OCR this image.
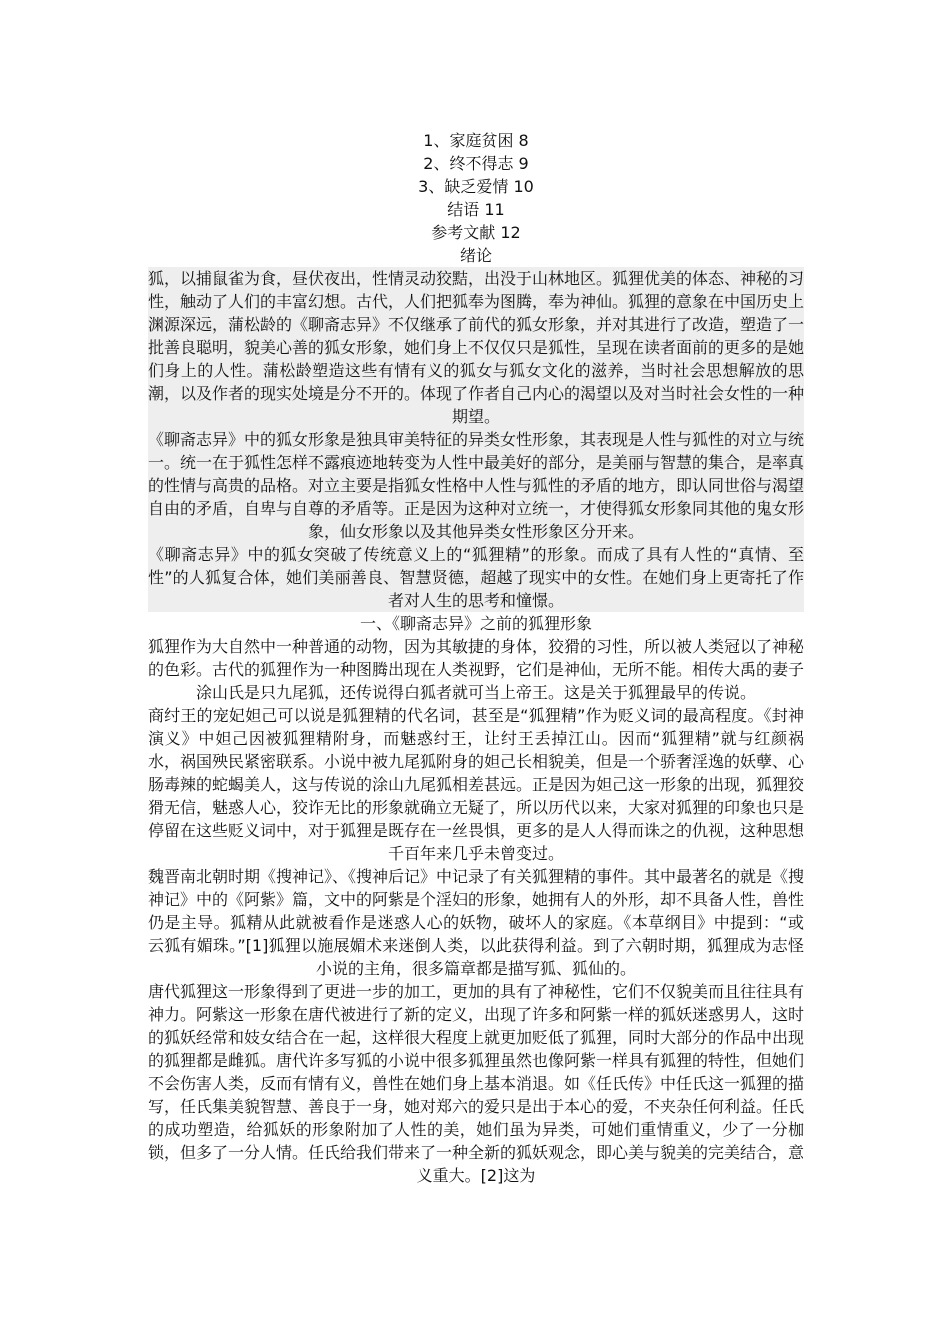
1、家庭贫困 8

2、终不得志 9

3、缺乏爱情 10

结语 11

参考文献 12

绪论

狐，以捕鼠雀为食，昼伏夜出，性情灵动狡黠，出没于山林地区。狐狸优美的体态、神秘的习性，触动了人们的丰富幻想。古代，人们把狐奉为图腾，奉为神仙。狐狸的意象在中国历史上渊源深远，蒲松龄的《聊斋志异》不仅继承了前代的狐女形象，并对其进行了改造，塑造了一批善良聪明，貌美心善的狐女形象，她们身上不仅仅只是狐性，呈现在读者面前的更多的是她们身上的人性。蒲松龄塑造这些有情有义的狐女与狐女文化的滋养，当时社会思想解放的思潮，以及作者的现实处境是分不开的。体现了作者自己内心的渴望以及对当时社会女性的一种期望。

《聊斋志异》中的狐女形象是独具审美特征的异类女性形象，其表现是人性与狐性的对立与统一。统一在于狐性怎样不露痕迹地转变为人性中最美好的部分，是美丽与智慧的集合，是率真的性情与高贵的品格。对立主要是指狐女性格中人性与狐性的矛盾的地方，即认同世俗与渴望自由的矛盾，自卑与自尊的矛盾等。正是因为这种对立统一，才使得狐女形象同其他的鬼女形象，仙女形象以及其他异类女性形象区分开来。

《聊斋志异》中的狐女突破了传统意义上的“狐狸精”的形象。而成了具有人性的“真情、至性”的人狐复合体，她们美丽善良、智慧贤德，超越了现实中的女性。在她们身上更寄托了作者对人生的思考和憧憬。

一、《聊斋志异》之前的狐狸形象

狐狸作为大自然中一种普通的动物，因为其敏捷的身体，狡猾的习性，所以被人类冠以了神秘的色彩。古代的狐狸作为一种图腾出现在人类视野，它们是神仙，无所不能。相传大禹的妻子涂山氏是只九尾狐，还传说得白狐者就可当上帝王。这是关于狐狸最早的传说。

商纣王的宠妃妲己可以说是狐狸精的代名词，甚至是“狐狸精”作为贬义词的最高程度。《封神演义》中妲己因被狐狸精附身，而魅惑纣王，让纣王丢掉江山。因而“狐狸精”就与红颜祸水，祸国殃民紧密联系。小说中被九尾狐附身的妲己长相貌美，但是一个骄奢淫逸的妖孽、心肠毒辣的蛇蝎美人，这与传说的涂山九尾狐相差甚远。正是因为妲己这一形象的出现，狐狸狡猾无信，魅惑人心，狡诈无比的形象就确立无疑了，所以历代以来，大家对狐狸的印象也只是停留在这些贬义词中，对于狐狸是既存在一丝畏惧，更多的是人人得而诛之的仇视，这种思想千百年来几乎未曾变过。

魏晋南北朝时期《搜神记》、《搜神后记》中记录了有关狐狸精的事件。其中最著名的就是《搜神记》中的《阿紫》篇，文中的阿紫是个淫妇的形象，她拥有人的外形，却不具备人性，兽性仍是主导。狐精从此就被看作是迷惑人心的妖物，破坏人的家庭。《本草纲目》中提到：“或云狐有媚珠。”[1]狐狸以施展媚术来迷倒人类，以此获得利益。到了六朝时期，狐狸成为志怪小说的主角，很多篇章都是描写狐、狐仙的。

唐代狐狸这一形象得到了更进一步的加工，更加的具有了神秘性，它们不仅貌美而且往往具有神力。阿紫这一形象在唐代被进行了新的定义，出现了许多和阿紫一样的狐妖迷惑男人，这时的狐妖经常和妓女结合在一起，这样很大程度上就更加贬低了狐狸，同时大部分的作品中出现的狐狸都是雌狐。唐代许多写狐的小说中很多狐狸虽然也像阿紫一样具有狐狸的特性，但她们不会伤害人类，反而有情有义，兽性在她们身上基本消退。如《任氏传》中任氏这一狐狸的描写，任氏集美貌智慧、善良于一身，她对郑六的爱只是出于本心的爱，不夹杂任何利益。任氏的成功塑造，给狐妖的形象附加了人性的美，她们虽为异类，可她们重情重义，少了一分枷锁，但多了一分人情。任氏给我们带来了一种全新的狐妖观念，即心美与貌美的完美结合，意义重大。[2]这为
